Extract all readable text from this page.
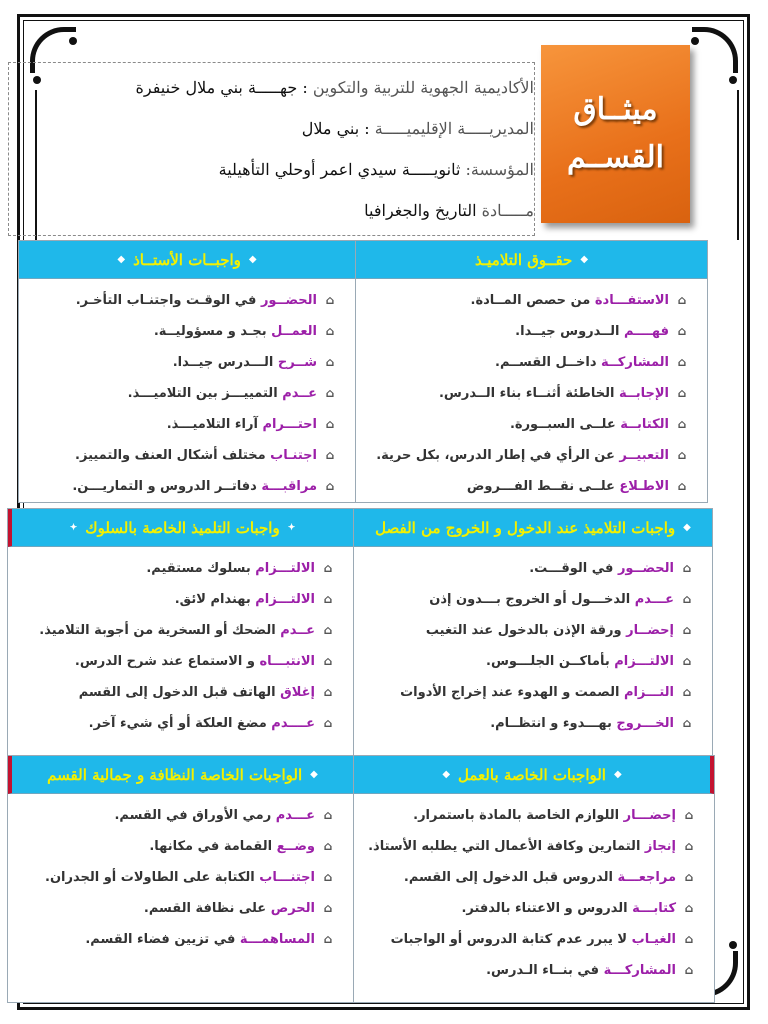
الأكاديمية الجهوية للتربية والتكوين : جهـــــة بني ملال خنيفرة
المديريـــــة الإقليميـــــة : بني ملال
المؤسسة: ثانويـــــة سيدي اعمر أوحلي التأهيلية
مـــــادة التاريخ والجغرافيا
ميثــاق
القســم
◆
حقــوق التلاميـذ
⌂
الاستفـــادة من حصص المــادة.
⌂
فهــــم الــدروس جيــدا.
⌂
المشاركــة داخــل القســم.
⌂
الإجابــة الخاطئة أثنــاء بناء الــدرس.
⌂
الكتابــة علــى السبــورة.
⌂
التعبيــر عن الرأي في إطار الدرس، بكل حرية.
⌂
الاطـلاع علــى نقــط الفـــروض
◆
واجبــات الأستــاذ
◆
⌂
الحضــور في الوقـت واجتنـاب التأخـر.
⌂
العمــل بجـد و مسؤوليــة.
⌂
شــرح الـــدرس جيــدا.
⌂
عــدم التمييـــز بين التلاميـــذ.
⌂
احتـــرام آراء التلاميـــذ.
⌂
اجتنـاب مختلف أشكال العنف والتمييز.
⌂
مراقبـــة دفاتــر الدروس و التماريـــن.
◆
واجبات التلاميذ عند الدخول و الخروج من الفصل
⌂
الحضــور في الوقـــت.
⌂
عـــدم الدخـــول أو الخروج بـــدون إذن
⌂
إحضــار ورقة الإذن بالدخول عند التغيب
⌂
الالتـــزام بأماكــن الجلـــوس.
⌂
التـــزام الصمت و الهدوء عند إخراج الأدوات
⌂
الخـــروج بهـــدوء و انتظــام.
✦
واجبات التلميذ الخاصة بالسلوك
✦
⌂
الالتـــزام بسلوك مستقيم.
⌂
الالتـــزام بهندام لائق.
⌂
عــدم الضحك أو السخرية من أجوبة التلاميذ.
⌂
الانتبـــاه و الاستماع عند شرح الدرس.
⌂
إغلاق الهاتف قبل الدخول إلى القسم
⌂
عــــدم مضغ العلكة أو أي شيء آخر.
◆
الواجبات الخاصة بالعمل
◆
⌂
إحضـــار اللوازم الخاصة بالمادة باستمرار.
⌂
إنجاز التمارين وكافة الأعمال التي يطلبه الأستاذ.
⌂
مراجعـــة الدروس قبل الدخول إلى القسم.
⌂
كتابـــة الدروس و الاعتناء بالدفتر.
⌂
الغيـاب لا يبرر عدم كتابة الدروس أو الواجبات
⌂
المشاركـــة في بنــاء الـدرس.
◆
الواجبات الخاصة النظافة و جمالية القسم
⌂
عـــدم رمي الأوراق في القسم.
⌂
وضــع القمامة في مكانها.
⌂
اجتنـــاب الكتابة على الطاولات أو الجدران.
⌂
الحرص على نظافة القسم.
⌂
المساهمـــة في تزيين فضاء القسم.
